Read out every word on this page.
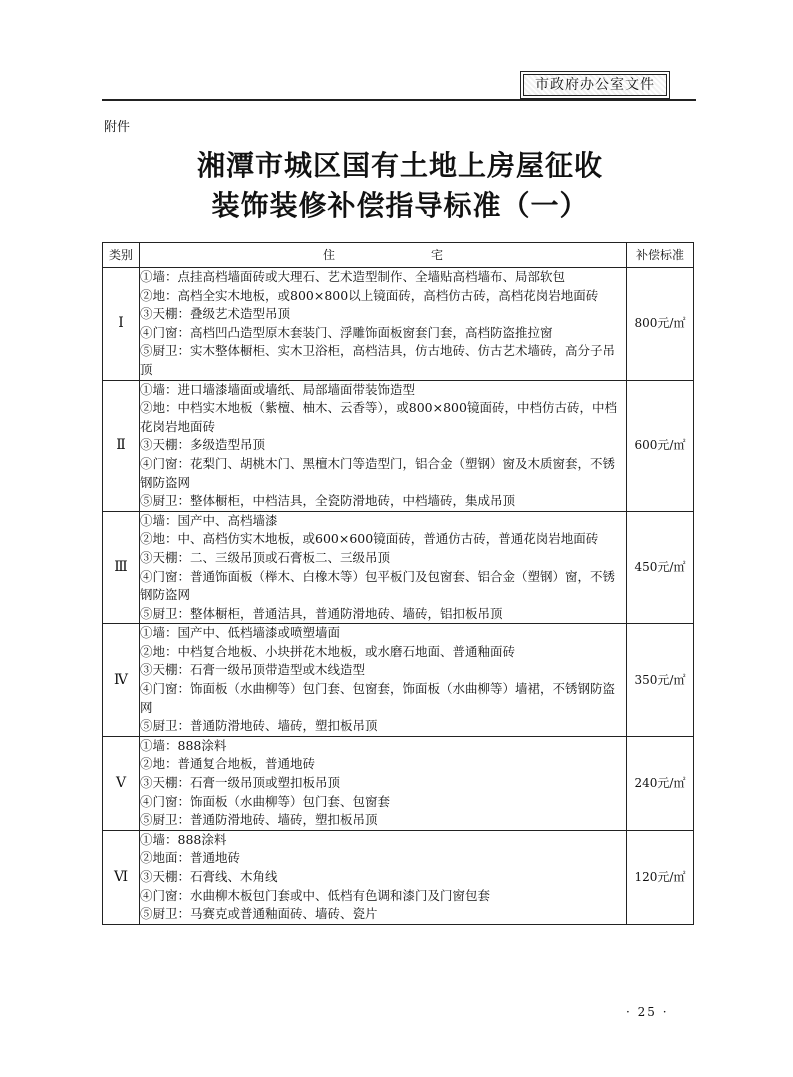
市政府办公室文件
附件
湘潭市城区国有土地上房屋征收
装饰装修补偿指导标准（一）
类别	住　　　　　　　　宅	补偿标准
Ⅰ	①墙：点挂高档墙面砖或大理石、艺术造型制作、全墙贴高档墙布、局部软包
②地：高档全实木地板，或800×800以上镜面砖，高档仿古砖，高档花岗岩地面砖
③天棚：叠级艺术造型吊顶
④门窗：高档凹凸造型原木套装门、浮雕饰面板窗套门套，高档防盗推拉窗
⑤厨卫：实木整体橱柜、实木卫浴柜，高档洁具，仿古地砖、仿古艺术墙砖，高分子吊顶	800元/㎡
Ⅱ	①墙：进口墙漆墙面或墙纸、局部墙面带装饰造型
②地：中档实木地板（紫檀、柚木、云香等），或800×800镜面砖，中档仿古砖，中档花岗岩地面砖
③天棚：多级造型吊顶
④门窗：花梨门、胡桃木门、黑檀木门等造型门，铝合金（塑钢）窗及木质窗套，不锈钢防盗网
⑤厨卫：整体橱柜，中档洁具，全瓷防滑地砖，中档墙砖，集成吊顶	600元/㎡
Ⅲ	①墙：国产中、高档墙漆
②地：中、高档仿实木地板，或600×600镜面砖，普通仿古砖，普通花岗岩地面砖
③天棚：二、三级吊顶或石膏板二、三级吊顶
④门窗：普通饰面板（榉木、白橡木等）包平板门及包窗套、铝合金（塑钢）窗，不锈钢防盗网
⑤厨卫：整体橱柜，普通洁具，普通防滑地砖、墙砖，铝扣板吊顶	450元/㎡
Ⅳ	①墙：国产中、低档墙漆或喷塑墙面
②地：中档复合地板、小块拼花木地板，或水磨石地面、普通釉面砖
③天棚：石膏一级吊顶带造型或木线造型
④门窗：饰面板（水曲柳等）包门套、包窗套，饰面板（水曲柳等）墙裙，不锈钢防盗网
⑤厨卫：普通防滑地砖、墙砖，塑扣板吊顶	350元/㎡
Ⅴ	①墙：888涂料
②地：普通复合地板，普通地砖
③天棚：石膏一级吊顶或塑扣板吊顶
④门窗：饰面板（水曲柳等）包门套、包窗套
⑤厨卫：普通防滑地砖、墙砖，塑扣板吊顶	240元/㎡
Ⅵ	①墙：888涂料
②地面：普通地砖
③天棚：石膏线、木角线
④门窗：水曲柳木板包门套或中、低档有色调和漆门及门窗包套
⑤厨卫：马赛克或普通釉面砖、墙砖、瓷片	120元/㎡
· 25 ·
